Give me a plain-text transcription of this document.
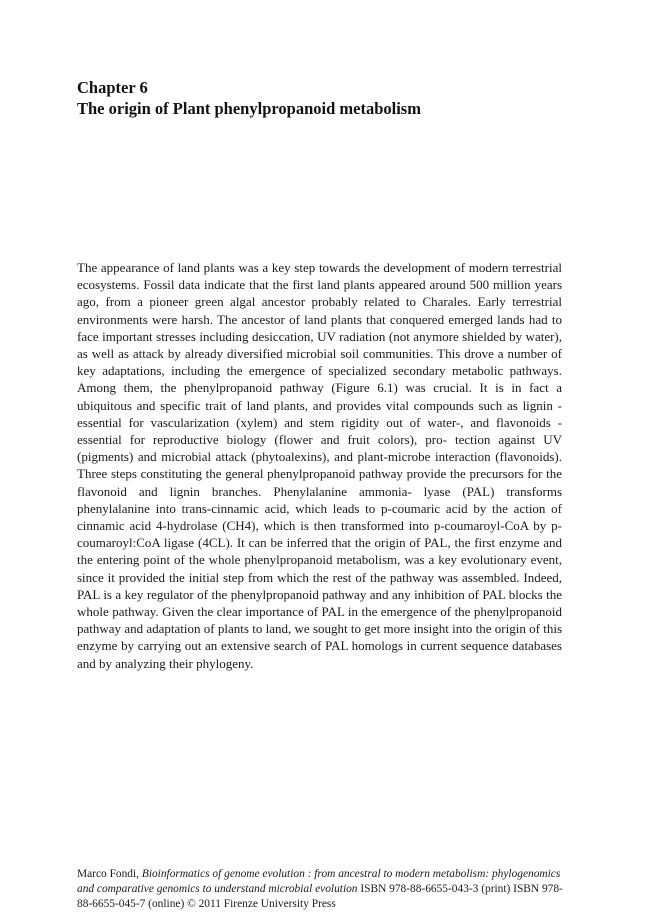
Chapter 6
The origin of Plant phenylpropanoid metabolism

The appearance of land plants was a key step towards the development of modern terrestrial ecosystems. Fossil data indicate that the first land plants appeared around 500 million years ago, from a pioneer green algal ancestor probably related to Charales. Early terrestrial environments were harsh. The ancestor of land plants that conquered emerged lands had to face important stresses including desiccation, UV radiation (not anymore shielded by water), as well as attack by already diversified microbial soil communities. This drove a number of key adaptations, including the emergence of specialized secondary metabolic pathways. Among them, the phenylpropanoid pathway (Figure 6.1) was crucial. It is in fact a ubiquitous and specific trait of land plants, and provides vital compounds such as lignin -essential for vascularization (xylem) and stem rigidity out of water-, and flavonoids -essential for reproductive biology (flower and fruit colors), pro- tection against UV (pigments) and microbial attack (phytoalexins), and plant-microbe interaction (flavonoids). Three steps constituting the general phenylpropanoid pathway provide the precursors for the flavonoid and lignin branches. Phenylalanine ammonia- lyase (PAL) transforms phenylalanine into trans-cinnamic acid, which leads to p-coumaric acid by the action of cinnamic acid 4-hydrolase (CH4), which is then transformed into p-coumaroyl-CoA by p-coumaroyl:CoA ligase (4CL). It can be inferred that the origin of PAL, the first enzyme and the entering point of the whole phenylpropanoid metabolism, was a key evolutionary event, since it provided the initial step from which the rest of the pathway was assembled. Indeed, PAL is a key regulator of the phenylpropanoid pathway and any inhibition of PAL blocks the whole pathway. Given the clear importance of PAL in the emergence of the phenylpropanoid pathway and adaptation of plants to land, we sought to get more insight into the origin of this enzyme by carrying out an extensive search of PAL homologs in current sequence databases and by analyzing their phylogeny.

Marco Fondi, Bioinformatics of genome evolution : from ancestral to modern metabolism: phylogenomics and comparative genomics to understand microbial evolution ISBN 978-88-6655-043-3 (print) ISBN 978-88-6655-045-7 (online) © 2011 Firenze University Press
